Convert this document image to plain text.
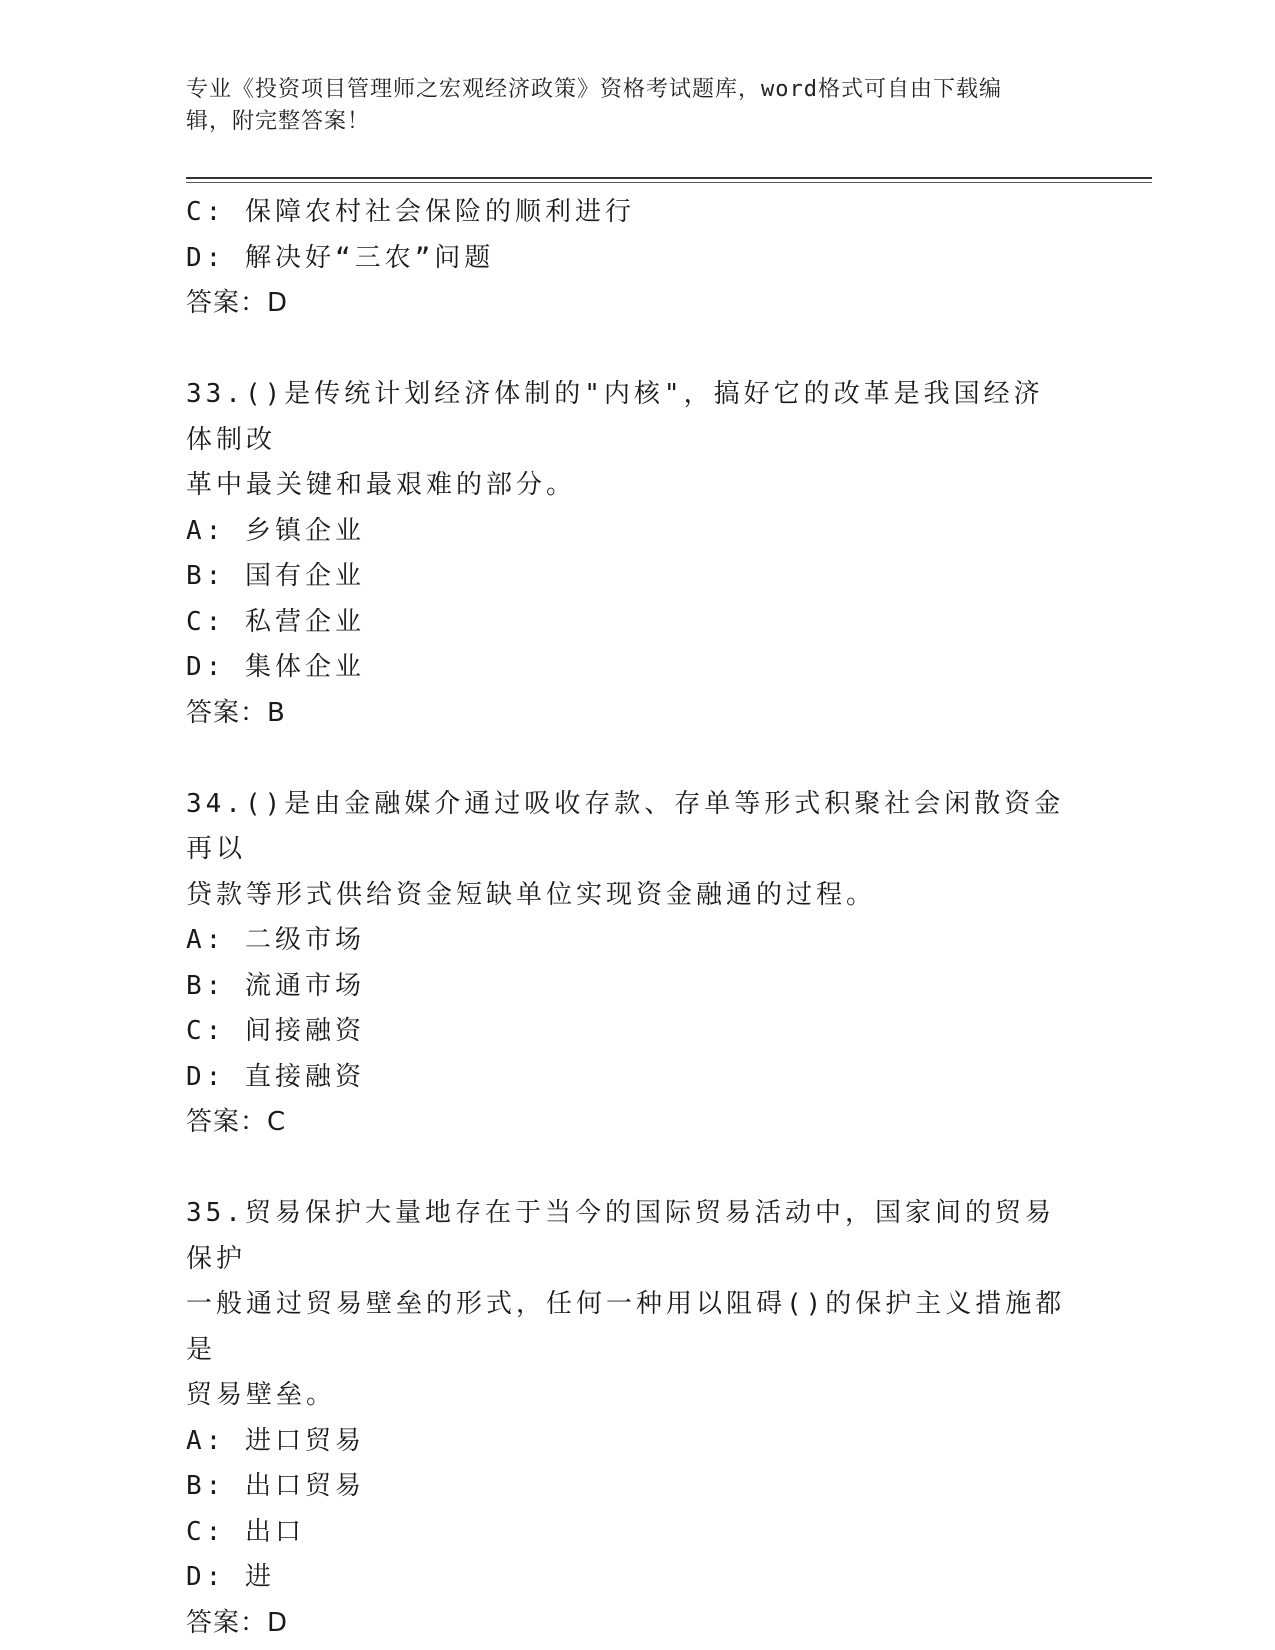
专业《投资项目管理师之宏观经济政策》资格考试题库，word格式可自由下载编
辑，附完整答案！
C: 保障农村社会保险的顺利进行
D: 解决好“三农”问题
答案：D
33.()是传统计划经济体制的"内核"，搞好它的改革是我国经济体制改
革中最关键和最艰难的部分。
A: 乡镇企业
B: 国有企业
C: 私营企业
D: 集体企业
答案：B
34.()是由金融媒介通过吸收存款、存单等形式积聚社会闲散资金再以
贷款等形式供给资金短缺单位实现资金融通的过程。
A: 二级市场
B: 流通市场
C: 间接融资
D: 直接融资
答案：C
35.贸易保护大量地存在于当今的国际贸易活动中，国家间的贸易保护
一般通过贸易壁垒的形式，任何一种用以阻碍()的保护主义措施都是
贸易壁垒。
A: 进口贸易
B: 出口贸易
C: 出口
D: 进
答案：D
